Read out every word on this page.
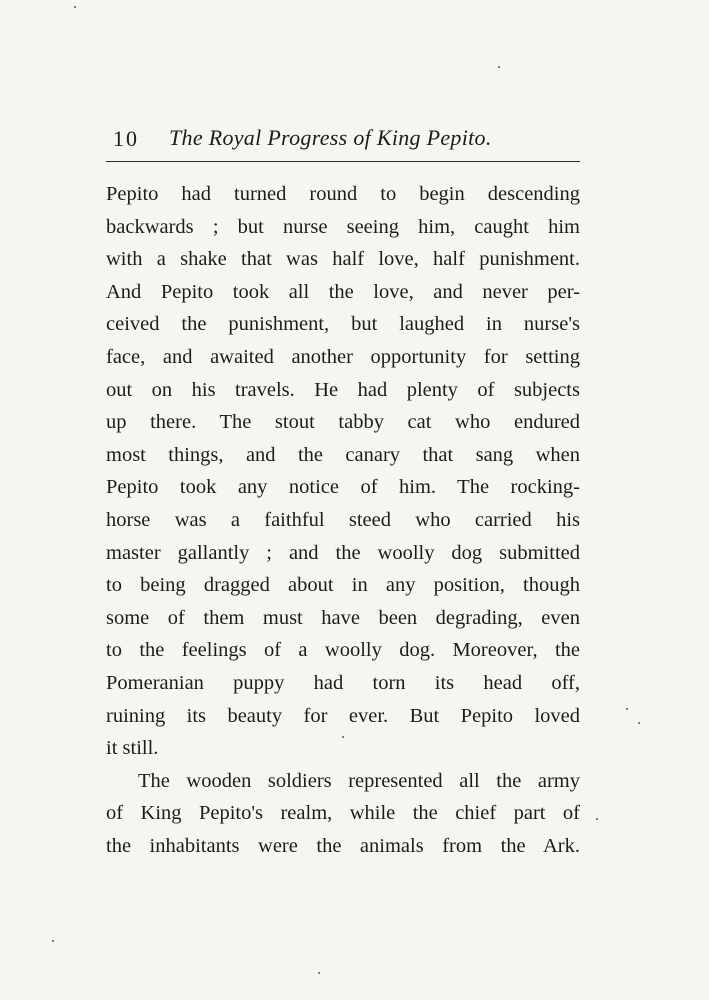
10 The Royal Progress of King Pepito.
Pepito had turned round to begin descending
backwards ; but nurse seeing him, caught him
with a shake that was half love, half punishment.
And Pepito took all the love, and never per-
ceived the punishment, but laughed in nurse's
face, and awaited another opportunity for setting
out on his travels. He had plenty of subjects
up there. The stout tabby cat who endured
most things, and the canary that sang when
Pepito took any notice of him. The rocking-
horse was a faithful steed who carried his
master gallantly ; and the woolly dog submitted
to being dragged about in any position, though
some of them must have been degrading, even
to the feelings of a woolly dog. Moreover, the
Pomeranian puppy had torn its head off,
ruining its beauty for ever. But Pepito loved
it still.
The wooden soldiers represented all the army
of King Pepito's realm, while the chief part of
the inhabitants were the animals from the Ark.
